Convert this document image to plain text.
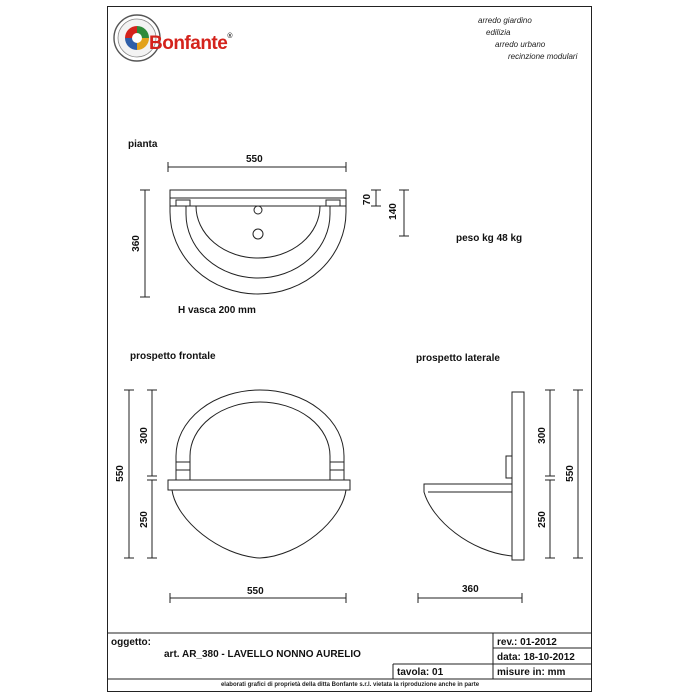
Bonfante®
arredo giardino
edilizia
arredo urbano
recinzione modulari
pianta
550
360
70
140
peso kg 48 kg
H vasca 200 mm
prospetto frontale
550
300
250
550
prospetto laterale
550
300
250
360
oggetto:
art. AR_380 - LAVELLO NONNO AURELIO
rev.: 01-2012
data: 18-10-2012
tavola: 01	misure in: mm
elaborati grafici di proprietà della ditta Bonfante s.r.l. vietata la riproduzione anche in parte
